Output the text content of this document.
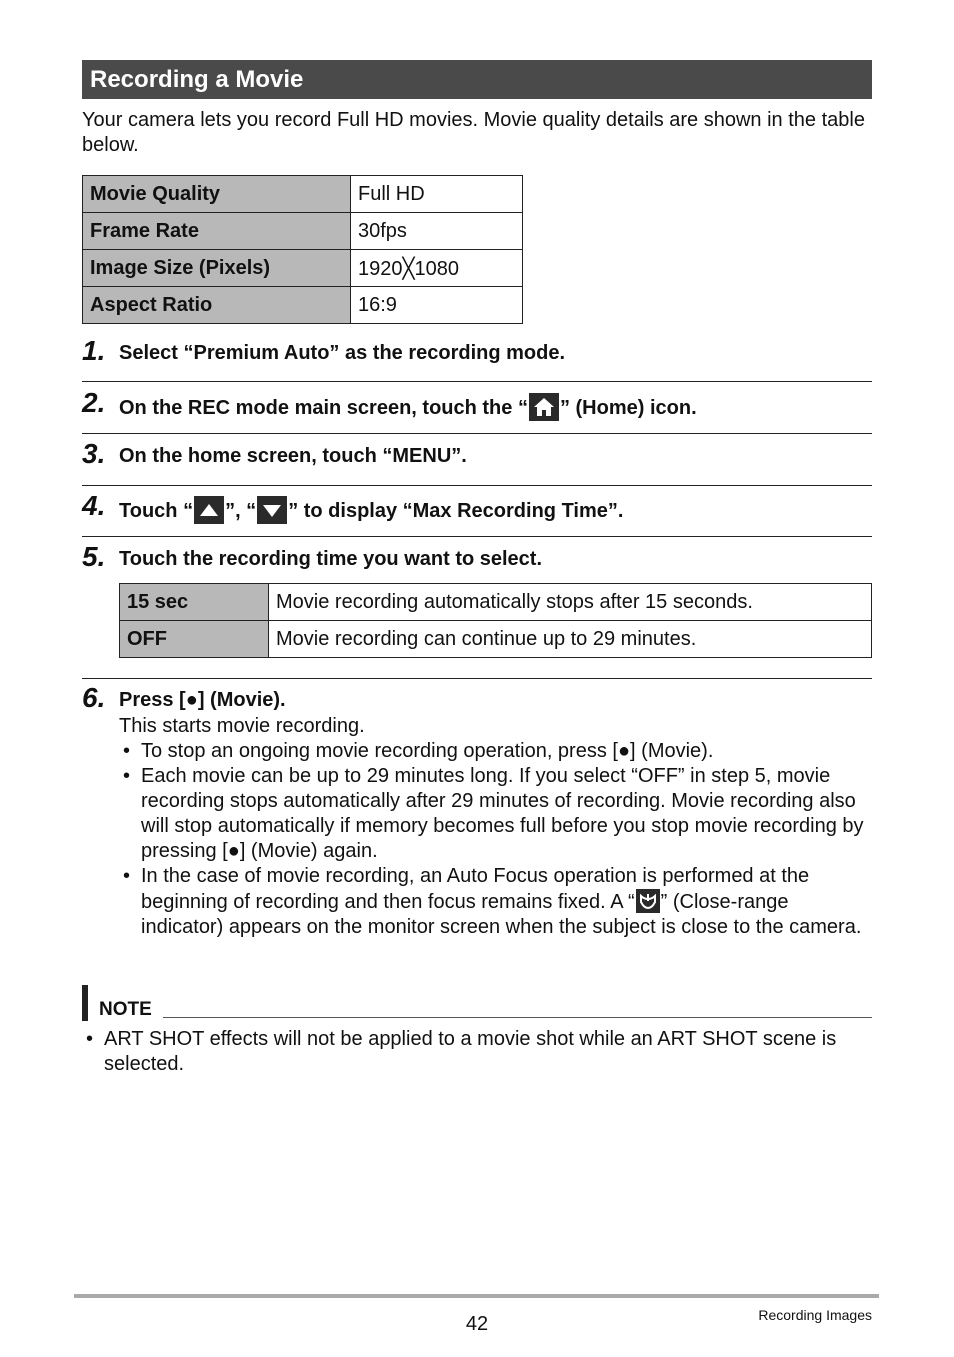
Recording a Movie

Your camera lets you record Full HD movies. Movie quality details are shown in the table below.

Movie Quality	Full HD
Frame Rate	30fps
Image Size (Pixels)	1920╳1080
Aspect Ratio	16:9
1. Select “Premium Auto” as the recording mode.
2. On the REC mode main screen, touch the “ ” (Home) icon.
3. On the home screen, touch “MENU”.
4. Touch “ ”, “ ” to display “Max Recording Time”.
5. Touch the recording time you want to select.
15 sec	Movie recording automatically stops after 15 seconds.
OFF	Movie recording can continue up to 29 minutes.
6. Press [●] (Movie).

This starts movie recording.

• To stop an ongoing movie recording operation, press [●] (Movie).
• Each movie can be up to 29 minutes long. If you select “OFF” in step 5, movie recording stops automatically after 29 minutes of recording. Movie recording also will stop automatically if memory becomes full before you stop movie recording by pressing [●] (Movie) again.
• In the case of movie recording, an Auto Focus operation is performed at the beginning of recording and then focus remains fixed. A “ ” (Close-range indicator) appears on the monitor screen when the subject is close to the camera.
NOTE
• ART SHOT effects will not be applied to a movie shot while an ART SHOT scene is selected.
42	Recording Images
